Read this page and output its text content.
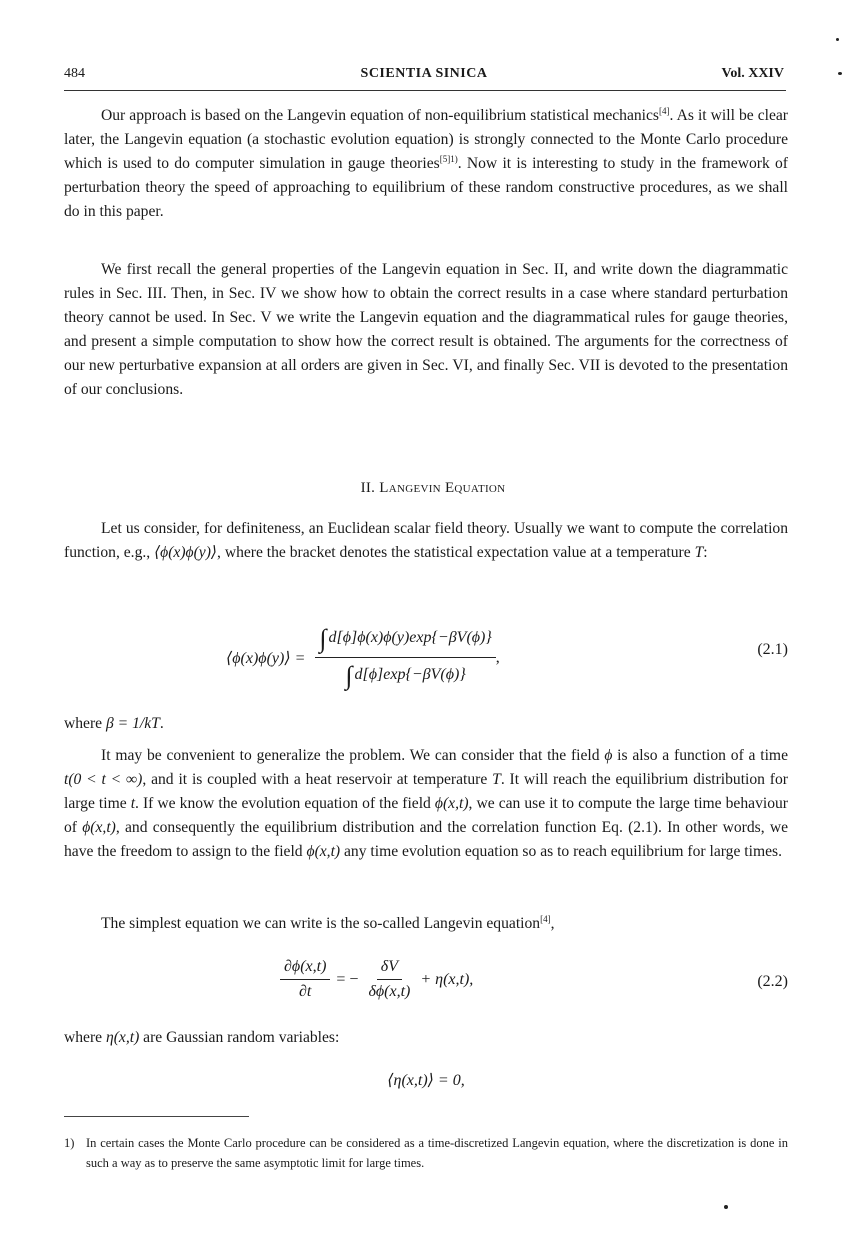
484	SCIENTIA SINICA	Vol. XXIV
Our approach is based on the Langevin equation of non-equilibrium statistical mechanics[4]. As it will be clear later, the Langevin equation (a stochastic evolution equation) is strongly connected to the Monte Carlo procedure which is used to do computer simulation in gauge theories$^{[5]1)}$. Now it is interesting to study in the framework of perturbation theory the speed of approaching to equilibrium of these random constructive procedures, as we shall do in this paper.
We first recall the general properties of the Langevin equation in Sec. II, and write down the diagrammatic rules in Sec. III. Then, in Sec. IV we show how to obtain the correct results in a case where standard perturbation theory cannot be used. In Sec. V we write the Langevin equation and the diagrammatical rules for gauge theories, and present a simple computation to show how the correct result is obtained. The arguments for the correctness of our new perturbative expansion at all orders are given in Sec. VI, and finally Sec. VII is devoted to the presentation of our conclusions.
II. Langevin Equation
Let us consider, for definiteness, an Euclidean scalar field theory. Usually we want to compute the correlation function, e.g., ⟨ϕ(x)ϕ(y)⟩, where the bracket denotes the statistical expectation value at a temperature T:
⟨ϕ(x)ϕ(y)⟩ = $\frac{\int d[\phi]\phi(x)\phi(y)\exp\{-\beta V(\phi)\}}{\int d[\phi]\exp\{-\beta V(\phi)\}}$ ,	(2.1)
where β = 1/kT.
It may be convenient to generalize the problem. We can consider that the field ϕ is also a function of a time t(0 < t < ∞), and it is coupled with a heat reservoir at temperature T. It will reach the equilibrium distribution for large time t. If we know the evolution equation of the field ϕ(x,t), we can use it to compute the large time behaviour of ϕ(x,t), and consequently the equilibrium distribution and the correlation function Eq. (2.1). In other words, we have the freedom to assign to the field ϕ(x,t) any time evolution equation so as to reach equilibrium for large times.
The simplest equation we can write is the so-called Langevin equation[4],
$\frac{\partial\phi(x,t)}{\partial t}$ = − $\frac{\delta V}{\delta\phi(x,t)} + \eta(x,t)$,	(2.2)
where η(x,t) are Gaussian random variables:
⟨η(x,t)⟩ = 0,
1) In certain cases the Monte Carlo procedure can be considered as a time-discretized Langevin equation, where the discretization is done in such a way as to preserve the same asymptotic limit for large times.
